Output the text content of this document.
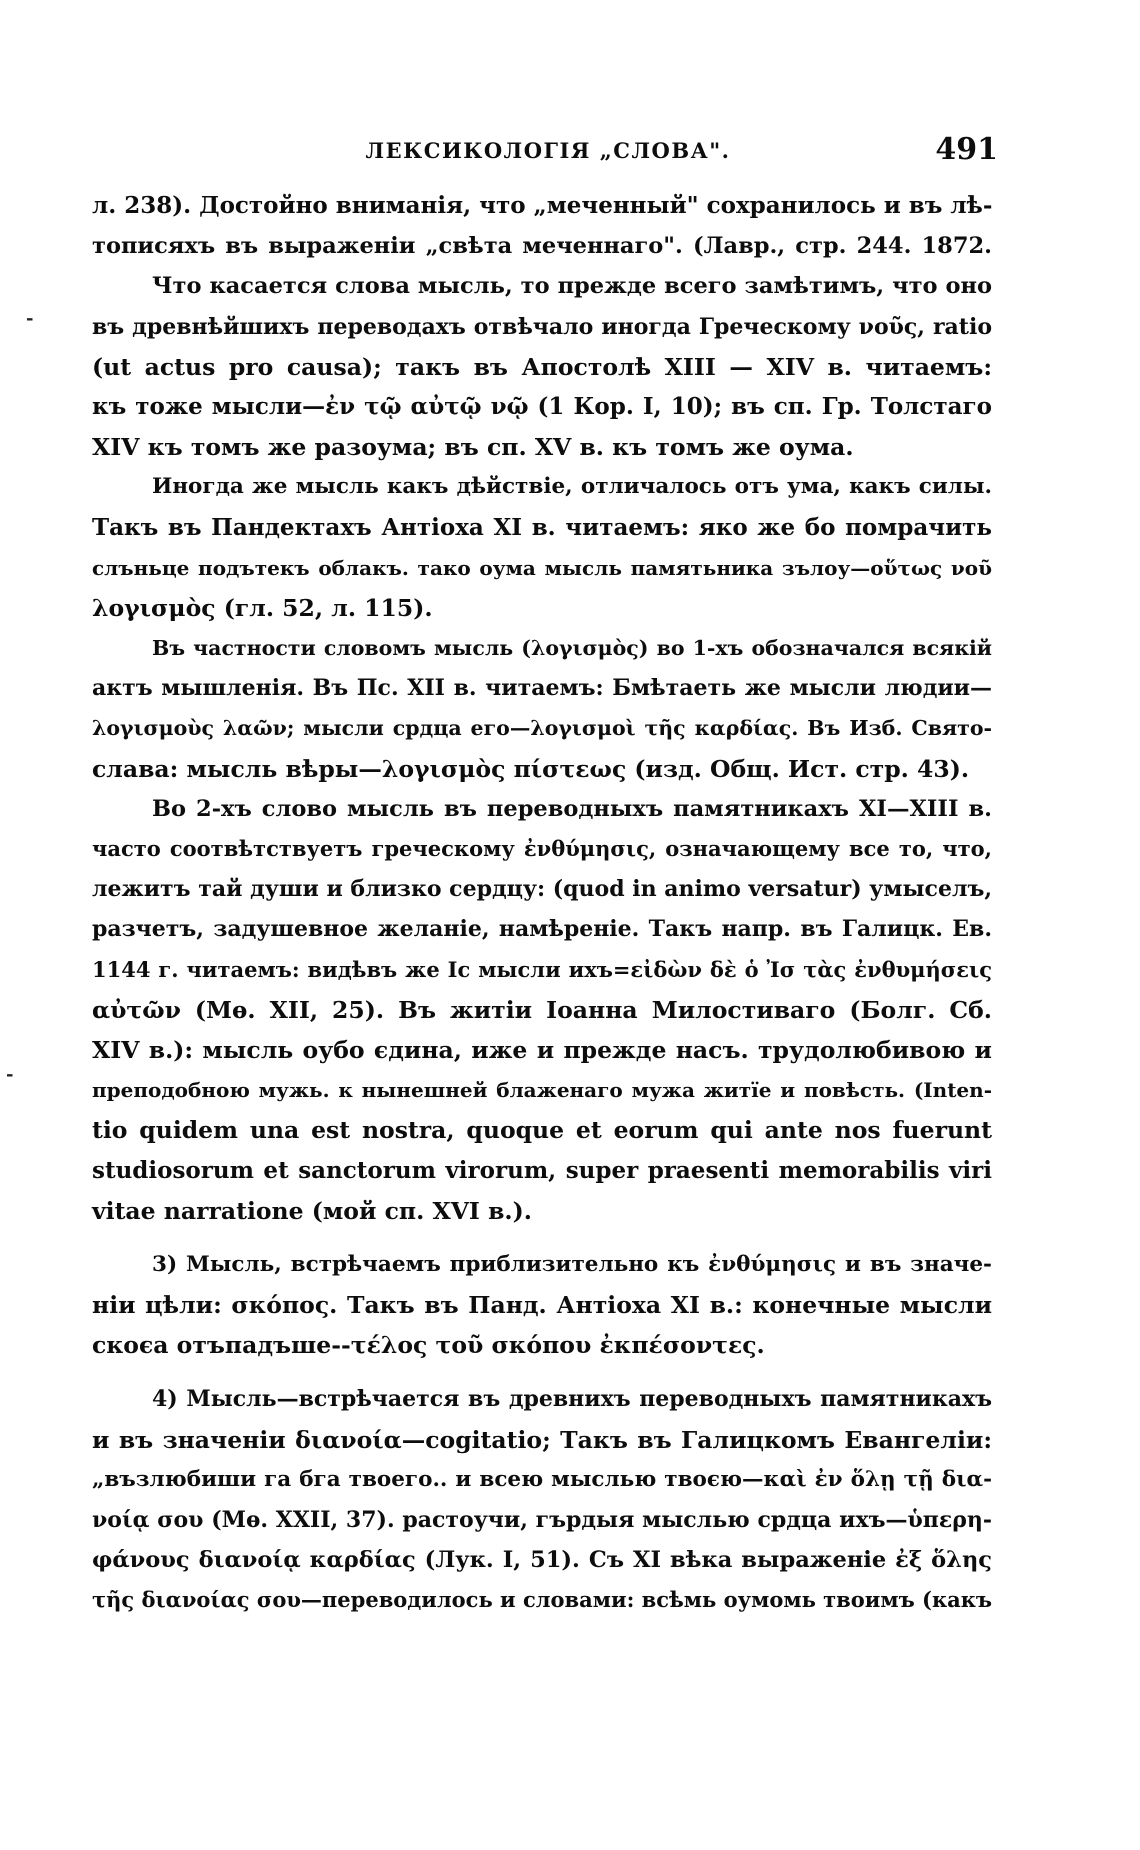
ЛЕКСИКОЛОГІЯ „СЛОВА".	491
-
-
л. 238). Достойно вниманія, что „меченный" сохранилось и въ лѣ-
тописяхъ въ выраженіи „свѣта меченнаго". (Лавр., стр. 244. 1872.
Что касается слова мысль, то прежде всего замѣтимъ, что оно
въ древнѣйшихъ переводахъ отвѣчало иногда Греческому νοῦς, ratio
(ut actus pro causa); такъ въ Апостолѣ XIII — XIV в. читаемъ:
къ тоже мысли—ἐν τῷ αὐτῷ νῷ (1 Кор. I, 10); въ сп. Гр. Толстаго
XIV къ томъ же разоума; въ сп. XV в. къ томъ же оума.
Иногда же мысль какъ дѣйствіе, отличалось отъ ума, какъ силы.
Такъ въ Пандектахъ Антіоха XI в. читаемъ: яко же бо помрачить
слъньце подътекъ облакъ. тако оума мысль памятьника зълоу—οὕτως νοῦ
λογισμὸς (гл. 52, л. 115).
Въ частности словомъ мысль (λογισμὸς) во 1-хъ обозначался всякій
актъ мышленія. Въ Пс. XII в. читаемъ: Бмѣтаеть же мысли людии—
λογισμοὺς λαῶν; мысли срдца его—λογισμοὶ τῆς καρδίας. Въ Изб. Свято-
слава: мысль вѣры—λογισμὸς πίστεως (изд. Общ. Ист. стр. 43).
Во 2-хъ слово мысль въ переводныхъ памятникахъ XI—XIII в.
часто соотвѣтствуетъ греческому ἐνθύμησις, означающему все то, что,
лежитъ тай души и близко сердцу: (quod in animo versatur) умыселъ,
разчетъ, задушевное желаніе, намѣреніе. Такъ напр. въ Галицк. Ев.
1144 г. читаемъ: видѣвъ же Іс мысли ихъ=εἰδὼν δὲ ὁ Ἰσ τὰς ἐνθυμήσεις
αὐτῶν (Мѳ. XII, 25). Въ житіи Іоанна Милостиваго (Болг. Сб.
XIV в.): мысль оубо єдина, иже и прежде насъ. трудолюбивою и
преподобною мужь. к нынешней блаженаго мужа житїе и повѣсть. (Inten-
tio quidem una est nostra, quoque et eorum qui ante nos fuerunt
studiosorum et sanctorum virorum, super praesenti memorabilis viri
vitae narratione (мой сп. XVI в.).
3) Мысль, встрѣчаемъ приблизительно къ ἐνθύμησις и въ значе-
ніи цѣли: σκόπος. Такъ въ Панд. Антіоха XI в.: конечные мысли
скоєа отъпадъше--τέλος τοῦ σκόπου ἐκπέσοντες.
4) Мысль—встрѣчается въ древнихъ переводныхъ памятникахъ
и въ значеніи διανοία—cogitatio; Такъ въ Галицкомъ Евангеліи:
„възлюбиши га бга твоего.. и всею мыслью твоєю—καὶ ἐν ὅλῃ τῇ δια-
νοίᾳ σου (Мѳ. XXII, 37). растоучи, гърдыя мыслью срдца ихъ—ὑπερη-
φάνους διανοίᾳ καρδίας (Лук. I, 51). Съ XI вѣка выраженіе ἐξ ὅλης
τῆς διανοίας σου—переводилось и словами: всѣмь оумомь твоимъ (какъ
